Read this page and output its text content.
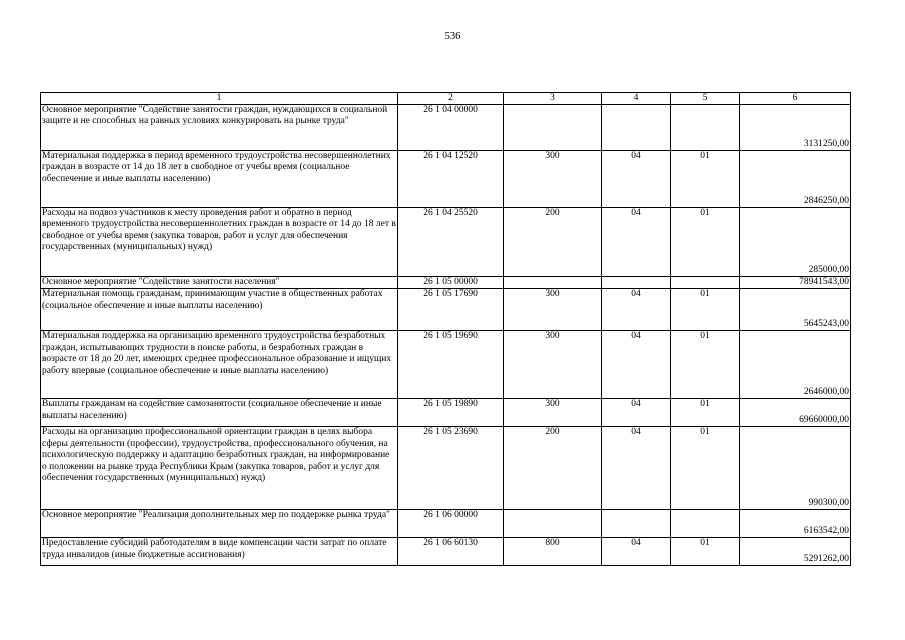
536
1	2	3	4	5	6
Основное мероприятие "Содействие занятости граждан, нуждающихся в социальной защите и не способных на равных условиях конкурировать на рынке труда"	26 1 04 00000				3131250,00
Материальная поддержка в период временного трудоустройства несовершеннолетних граждан в возрасте от 14 до 18 лет в свободное от учебы время (социальное обеспечение и иные выплаты населению)	26 1 04 12520	300	04	01	2846250,00
Расходы на подвоз участников к месту проведения работ и обратно в период временного трудоустройства несовершеннолетних граждан в возрасте от 14 до 18 лет в свободное от учебы время (закупка товаров, работ и услуг для обеспечения государственных (муниципальных) нужд)	26 1 04 25520	200	04	01	285000,00
Основное мероприятие "Содействие занятости населения"	26 1 05 00000				78941543,00
Материальная помощь гражданам, принимающим участие в общественных работах (социальное обеспечение и иные выплаты населению)	26 1 05 17690	300	04	01	5645243,00
Материальная поддержка на организацию временного трудоустройства безработных граждан, испытывающих трудности в поиске работы, и безработных граждан в возрасте от 18 до 20 лет, имеющих среднее профессиональное образование и ищущих работу впервые (социальное обеспечение и иные выплаты населению)	26 1 05 19690	300	04	01	2646000,00
Выплаты гражданам на содействие самозанятости (социальное обеспечение и иные выплаты населению)	26 1 05 19890	300	04	01	69660000,00
Расходы на организацию профессиональной ориентации граждан в целях выбора сферы деятельности (профессии), трудоустройства, профессионального обучения, на психологическую поддержку и адаптацию безработных граждан, на информирование о положении на рынке труда Республики Крым (закупка товаров, работ и услуг для обеспечения государственных (муниципальных) нужд)	26 1 05 23690	200	04	01	990300,00
Основное мероприятие "Реализация дополнительных мер по поддержке рынка труда"	26 1 06 00000				6163542,00
Предоставление субсидий работодателям в виде компенсации части затрат по оплате труда инвалидов (иные бюджетные ассигнования)	26 1 06 60130	800	04	01	5291262,00
